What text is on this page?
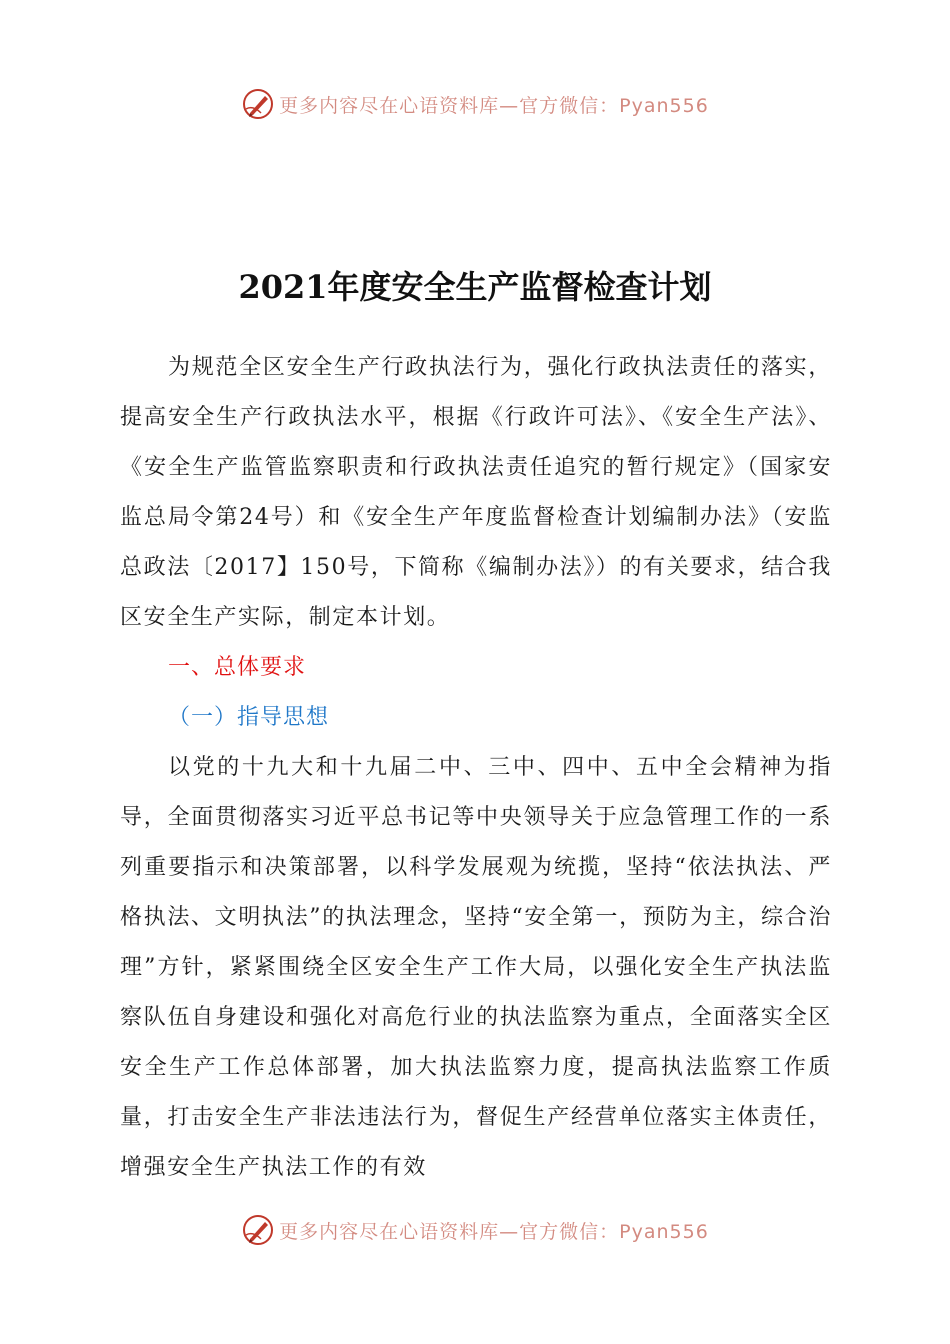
更多内容尽在心语资料库—官方微信：Pyan556
2021年度安全生产监督检查计划

为规范全区安全生产行政执法行为，强化行政执法责任的落实，提高安全生产行政执法水平，根据《行政许可法》、《安全生产法》、《安全生产监管监察职责和行政执法责任追究的暂行规定》（国家安监总局令第24号）和《安全生产年度监督检查计划编制办法》（安监总政法〔2017】150号，下简称《编制办法》）的有关要求，结合我区安全生产实际，制定本计划。

一、总体要求

（一）指导思想

以党的十九大和十九届二中、三中、四中、五中全会精神为指导，全面贯彻落实习近平总书记等中央领导关于应急管理工作的一系列重要指示和决策部署，以科学发展观为统揽，坚持“依法执法、严格执法、文明执法”的执法理念，坚持“安全第一，预防为主，综合治理”方针，紧紧围绕全区安全生产工作大局，以强化安全生产执法监察队伍自身建设和强化对高危行业的执法监察为重点，全面落实全区安全生产工作总体部署，加大执法监察力度，提高执法监察工作质量，打击安全生产非法违法行为，督促生产经营单位落实主体责任，增强安全生产执法工作的有效

更多内容尽在心语资料库—官方微信：Pyan556
